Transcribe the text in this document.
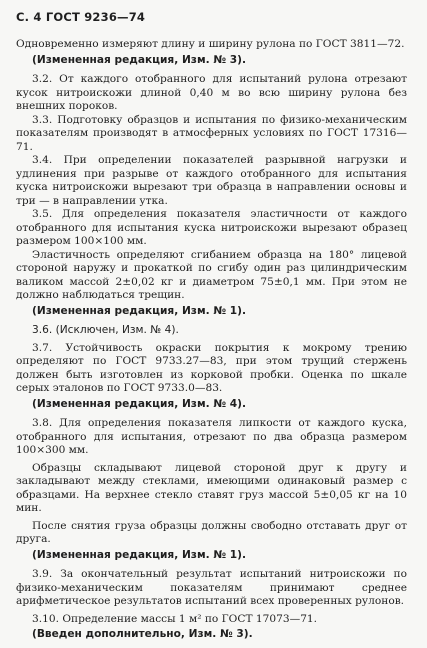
С. 4 ГОСТ 9236—74

Одновременно измеряют длину и ширину рулона по ГОСТ 3811—72.

(Измененная редакция, Изм. № 3).

3.2. От каждого отобранного для испытаний рулона отрезают кусок нитроискожи длиной 0,40 м во всю ширину рулона без внешних пороков.

3.3. Подготовку образцов и испытания по физико-механическим показателям производят в атмосферных условиях по ГОСТ 17316—71.

3.4. При определении показателей разрывной нагрузки и удлинения при разрыве от каждого отобранного для испытания куска нитроискожи вырезают три образца в направлении основы и три — в направлении утка.

3.5. Для определения показателя эластичности от каждого отобранного для испытания куска нитроискожи вырезают образец размером 100×100 мм.

Эластичность определяют сгибанием образца на 180° лицевой стороной наружу и прокаткой по сгибу один раз цилиндрическим валиком массой 2±0,02 кг и диаметром 75±0,1 мм. При этом не должно наблюдаться трещин.

(Измененная редакция, Изм. № 1).

3.6. (Исключен, Изм. № 4).

3.7. Устойчивость окраски покрытия к мокрому трению определяют по ГОСТ 9733.27—83, при этом трущий стержень должен быть изготовлен из корковой пробки. Оценка по шкале серых эталонов по ГОСТ 9733.0—83.

(Измененная редакция, Изм. № 4).

3.8. Для определения показателя липкости от каждого куска, отобранного для испытания, отрезают по два образца размером 100×300 мм.

Образцы складывают лицевой стороной друг к другу и закладывают между стеклами, имеющими одинаковый размер с образцами. На верхнее стекло ставят груз массой 5±0,05 кг на 10 мин.

После снятия груза образцы должны свободно отставать друг от друга.

(Измененная редакция, Изм. № 1).

3.9. За окончательный результат испытаний нитроискожи по физико-механическим показателям принимают среднее арифметическое результатов испытаний всех проверенных рулонов.

3.10. Определение массы 1 м² по ГОСТ 17073—71.

(Введен дополнительно, Изм. № 3).
